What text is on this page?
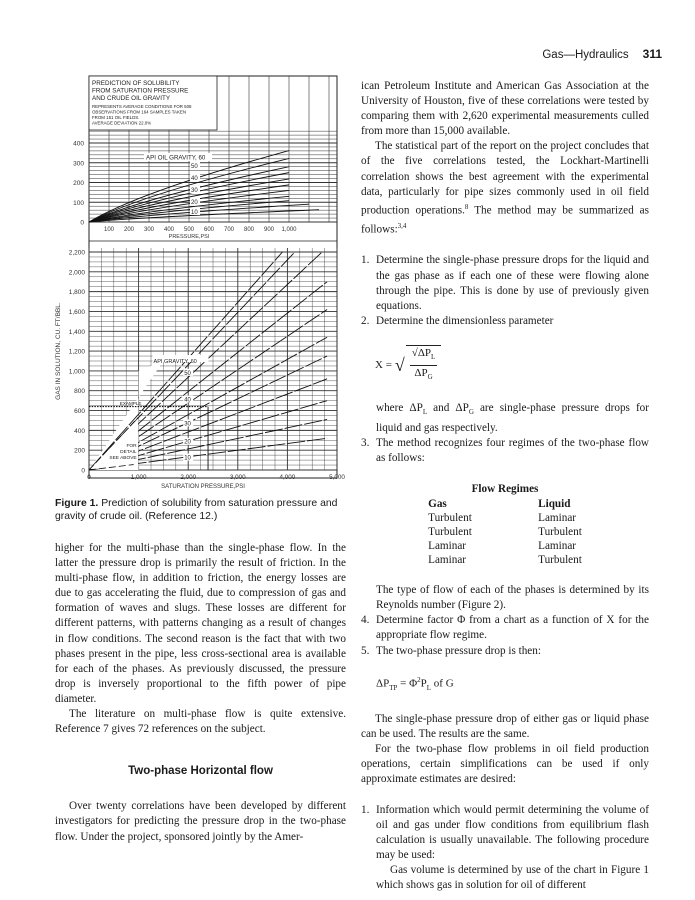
Gas—Hydraulics 311
PREDICTION OF SOLUBILITY
FROM SATURATION PRESSURE
AND CRUDE OIL GRAVITY
REPRESENTS AVERAGE CONDITIONS FOR 508
OBSERVATIONS FROM 164 SAMPLES TAKEN
FROM 151 OIL FIELDS.
AVERAGE DEVIATION 22.0%
0
100
200
300
400
100 200 300 400 500 600 700 800 900 1,000
PRESSURE,PSI
API OIL GRAVITY, 60
50
40
30
20
10
0
200
400
600
800
1,000
1,200
1,400
1,600
1,800
2,000
2,200
0	1,000	2,000	3,000	4,000	5,000
SATURATION PRESSURE,PSI
GAS IN SOLUTION, CU. FT/BBL.
FOR
DETAIL
SEE ABOVE
EXAMPLE
API GRAVITY, 60
50
40
30
20
10
Figure 1. Prediction of solubility from saturation pressure and gravity of crude oil. (Reference 12.)

higher for the multi-phase than the single-phase flow. In the latter the pressure drop is primarily the result of friction. In the multi-phase flow, in addition to friction, the energy losses are due to gas accelerating the fluid, due to compression of gas and formation of waves and slugs. These losses are different for different patterns, with patterns changing as a result of changes in flow conditions. The second reason is the fact that with two phases present in the pipe, less cross-sectional area is available for each of the phases. As previously discussed, the pressure drop is inversely proportional to the fifth power of pipe diameter.

The literature on multi-phase flow is quite extensive. Reference 7 gives 72 references on the subject.

Two-phase Horizontal flow

Over twenty correlations have been developed by different investigators for predicting the pressure drop in the two-phase flow. Under the project, sponsored jointly by the Amer-

ican Petroleum Institute and American Gas Association at the University of Houston, five of these correlations were tested by comparing them with 2,620 experimental measurements culled from more than 15,000 available.

The statistical part of the report on the project concludes that of the five correlations tested, the Lockhart-Martinelli correlation shows the best agreement with the experimental data, particularly for pipe sizes commonly used in oil field production operations.$^8$ The method may be summarized as follows:$^{3,4}$

1. Determine the single-phase pressure drops for the liquid and the gas phase as if each one of these were flowing alone through the pipe. This is done by use of previously given equations.
2. Determine the dimensionless parameter
X = √
$√\Delta P_L$
$\Delta P_G$

where $\Delta P_L$ and $\Delta P_G$ are single-phase pressure drops for liquid and gas respectively.

3. The method recognizes four regimes of the two-phase flow as follows:
Flow Regimes
Gas	Liquid
Turbulent	Laminar
Turbulent	Turbulent
Laminar	Laminar
Laminar	Turbulent

The type of flow of each of the phases is determined by its Reynolds number (Figure 2).

4. Determine factor Φ from a chart as a function of X for the appropriate flow regime.
5. The two-phase pressure drop is then:
$\Delta P_{TP} = \Phi^2P_L$ of G

The single-phase pressure drop of either gas or liquid phase can be used. The results are the same.

For the two-phase flow problems in oil field production operations, certain simplifications can be used if only approximate estimates are desired:

1. Information which would permit determining the volume of oil and gas under flow conditions from equilibrium flash calculation is usually unavailable. The following procedure may be used:

Gas volume is determined by use of the chart in Figure 1 which shows gas in solution for oil of different
